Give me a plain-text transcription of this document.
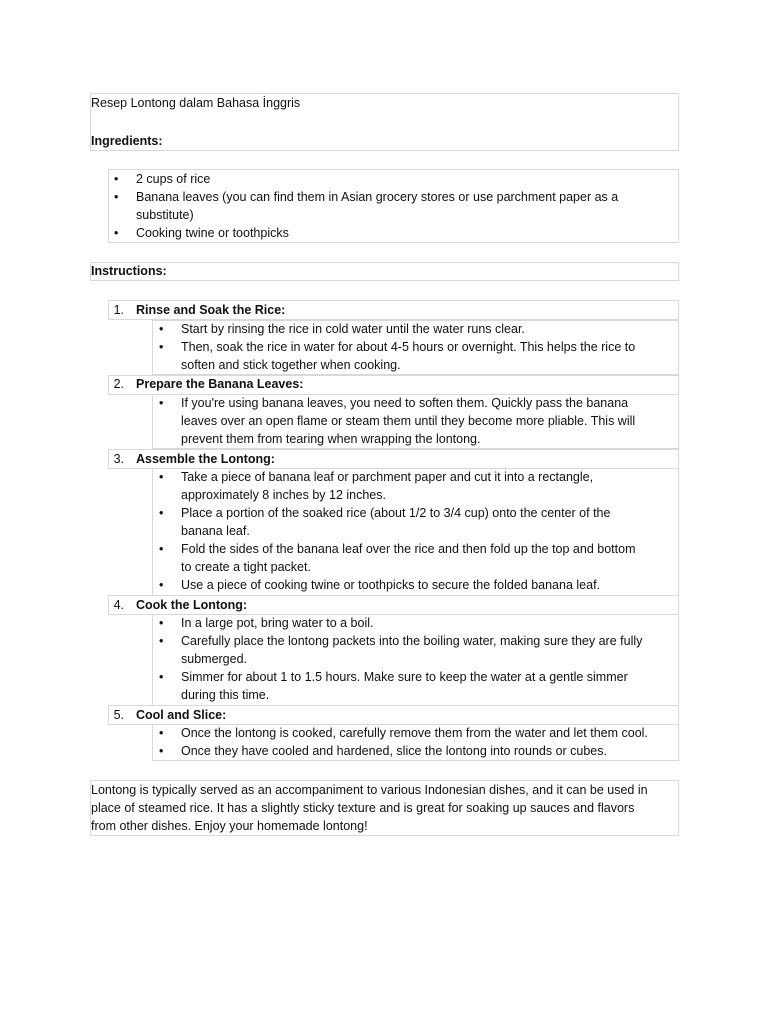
Resep Lontong dalam Bahasa İnggris
Ingredients:
• 2 cups of rice
• Banana leaves (you can find them in Asian grocery stores or use parchment paper as a
substitute)
• Cooking twine or toothpicks
Instructions:
1. Rinse and Soak the Rice:
• Start by rinsing the rice in cold water until the water runs clear.
• Then, soak the rice in water for about 4-5 hours or overnight. This helps the rice to
soften and stick together when cooking.
2. Prepare the Banana Leaves:
• If you're using banana leaves, you need to soften them. Quickly pass the banana
leaves over an open flame or steam them until they become more pliable. This will
prevent them from tearing when wrapping the lontong.
3. Assemble the Lontong:
• Take a piece of banana leaf or parchment paper and cut it into a rectangle,
approximately 8 inches by 12 inches.
• Place a portion of the soaked rice (about 1/2 to 3/4 cup) onto the center of the
banana leaf.
• Fold the sides of the banana leaf over the rice and then fold up the top and bottom
to create a tight packet.
• Use a piece of cooking twine or toothpicks to secure the folded banana leaf.
4. Cook the Lontong:
• In a large pot, bring water to a boil.
• Carefully place the lontong packets into the boiling water, making sure they are fully
submerged.
• Simmer for about 1 to 1.5 hours. Make sure to keep the water at a gentle simmer
during this time.
5. Cool and Slice:
• Once the lontong is cooked, carefully remove them from the water and let them cool.
• Once they have cooled and hardened, slice the lontong into rounds or cubes.
Lontong is typically served as an accompaniment to various Indonesian dishes, and it can be used in
place of steamed rice. It has a slightly sticky texture and is great for soaking up sauces and flavors
from other dishes. Enjoy your homemade lontong!
